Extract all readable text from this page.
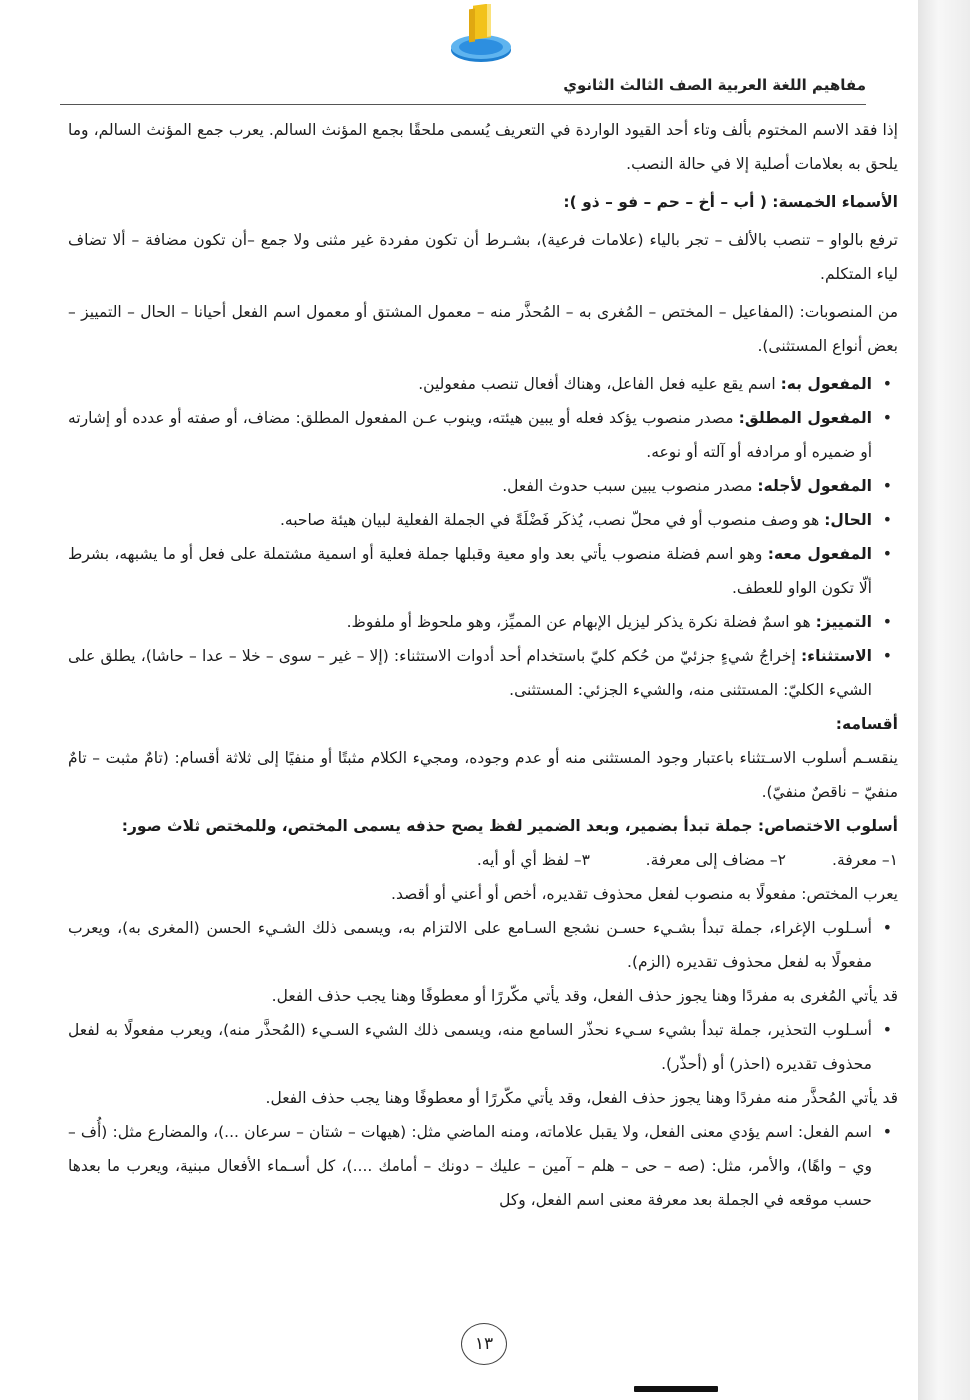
مفاهيم اللغة العربية الصف الثالث الثانوي

إذا فقد الاسم المختوم بألف وتاء أحد القيود الواردة في التعريف يُسمى ملحقًا بجمع المؤنث السالم. يعرب جمع المؤنث السالم، وما يلحق به بعلامات أصلية إلا في حالة النصب.

الأسماء الخمسة: ( أب – أخ – حم – فو – ذو ):

ترفع بالواو – تنصب بالألف – تجر بالياء (علامات فرعية)، بشـرط أن تكون مفردة غير مثنى ولا جمع –أن تكون مضافة – ألا تضاف لياء المتكلم.

من المنصوبات: (المفاعيل – المختص – المُغرى به – المُحذَّر منه – معمول المشتق أو معمول اسم الفعل أحيانا – الحال – التمييز – بعض أنواع المستثنى).

• المفعول به: اسم يقع عليه فعل الفاعل، وهناك أفعال تنصب مفعولين.
• المفعول المطلق: مصدر منصوب يؤكد فعله أو يبين هيئته، وينوب عـن المفعول المطلق: مضاف، أو صفته أو عدده أو إشارته أو ضميره أو مرادفه أو آلته أو نوعه.
• المفعول لأجله: مصدر منصوب يبين سبب حدوث الفعل.
• الحال: هو وصف منصوب أو في محلّ نصب، يُذكَر فَضْلَةً في الجملة الفعلية لبيان هيئة صاحبه.
• المفعول معه: وهو اسم فضلة منصوب يأتي بعد واو معية وقبلها جملة فعلية أو اسمية مشتملة على فعل أو ما يشبهه، بشرط ألّا تكون الواو للعطف.
• التمييز: هو اسمٌ فضلة نكرة يذكر ليزيل الإبهام عن المميِّز، وهو ملحوظ أو ملفوظ.
• الاستثناء: إخراجُ شيءٍ جزئيّ من حُكم كليّ باستخدام أحد أدوات الاستثناء: (إلا – غير – سوى – خلا – عدا – حاشا)، يطلق على الشيء الكليّ: المستثنى منه، والشيء الجزئي: المستثنى.

أقسامه:

ينقسـم أسلوب الاسـتثناء باعتبار وجود المستثنى منه أو عدم وجوده، ومجيء الكلام مثبتًا أو منفيًا إلى ثلاثة أقسام: (تامٌ مثبت – تامٌ منفيّ – ناقصٌ منفيّ).

أسلوب الاختصاص: جملة تبدأ بضمير، وبعد الضمير لفظ يصح حذفه يسمى المختص، وللمختص ثلاث صور:

١– معرفة.
٢– مضاف إلى معرفة.
٣– لفظ أي أو أيه.

يعرب المختص: مفعولًا به منصوب لفعل محذوف تقديره، أخص أو أعني أو أقصد.

• أسـلوب الإغراء، جملة تبدأ بشـيء حسـن نشجع السـامع على الالتزام به، ويسمى ذلك الشـيء الحسن (المغرى به)، ويعرب مفعولًا به لفعل محذوف تقديره (الزم).

قد يأتي المُغرى به مفردًا وهنا يجوز حذف الفعل، وقد يأتي مكّررًا أو معطوفًا وهنا يجب حذف الفعل.

• أسـلوب التحذير، جملة تبدأ بشيء سـيء نحذّر السامع منه، ويسمى ذلك الشيء السـيء (المُحذَّر منه)، ويعرب مفعولًا به لفعل محذوف تقديره (احذر) أو (أحذّر).

قد يأتي المُحذَّر منه مفردًا وهنا يجوز حذف الفعل، وقد يأتي مكّررًا أو معطوفًا وهنا يجب حذف الفعل.

• اسم الفعل: اسم يؤدي معنى الفعل، ولا يقبل علاماته، ومنه الماضي مثل: (هيهات – شتان – سرعان ...)، والمضارع مثل: (أُف – وي – واهًا)، والأمر، مثل: (صه – حى – هلم – آمين – عليك – دونك – أمامك ....)، كل أسـماء الأفعال مبنية، ويعرب ما بعدها حسب موقعه في الجملة بعد معرفة معنى اسم الفعل، وكل
١٣
